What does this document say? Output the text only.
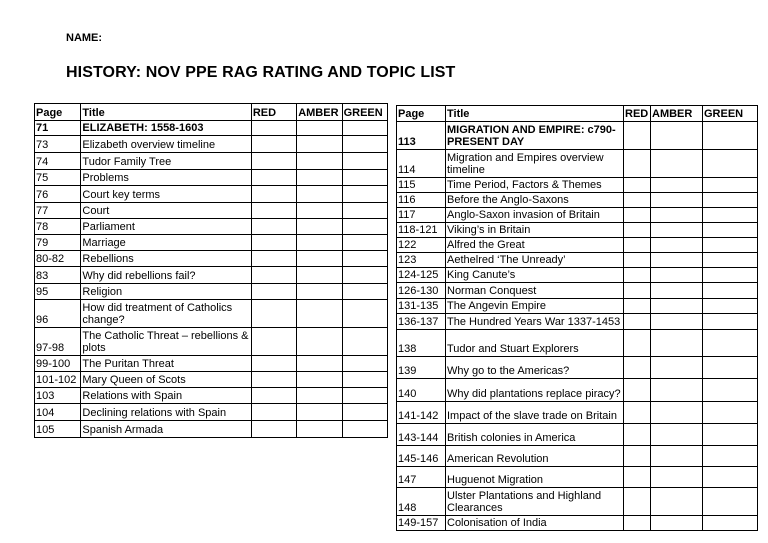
NAME:
HISTORY: NOV PPE RAG RATING AND TOPIC LIST
Page	Title	RED	AMBER	GREEN
71	ELIZABETH: 1558-1603			
73	Elizabeth overview timeline			
74	Tudor Family Tree			
75	Problems			
76	Court key terms			
77	Court			
78	Parliament			
79	Marriage			
80-82	Rebellions			
83	Why did rebellions fail?			
95	Religion			
96	How did treatment of Catholics change?			
97-98	The Catholic Threat – rebellions & plots			
99-100	The Puritan Threat			
101-102	Mary Queen of Scots			
103	Relations with Spain			
104	Declining relations with Spain			
105	Spanish Armada			
Page	Title	RED	AMBER	GREEN
113	MIGRATION AND EMPIRE: c790-PRESENT DAY			
114	Migration and Empires overview timeline			
115	Time Period, Factors & Themes			
116	Before the Anglo-Saxons			
117	Anglo-Saxon invasion of Britain			
118-121	Viking’s in Britain			
122	Alfred the Great			
123	Aethelred ‘The Unready’			
124-125	King Canute’s			
126-130	Norman Conquest			
131-135	The Angevin Empire			
136-137	The Hundred Years War 1337-1453			
138	Tudor and Stuart Explorers			
139	Why go to the Americas?			
140	Why did plantations replace piracy?			
141-142	Impact of the slave trade on Britain			
143-144	British colonies in America			
145-146	American Revolution			
147	Huguenot Migration			
148	Ulster Plantations and Highland Clearances			
149-157	Colonisation of India			
